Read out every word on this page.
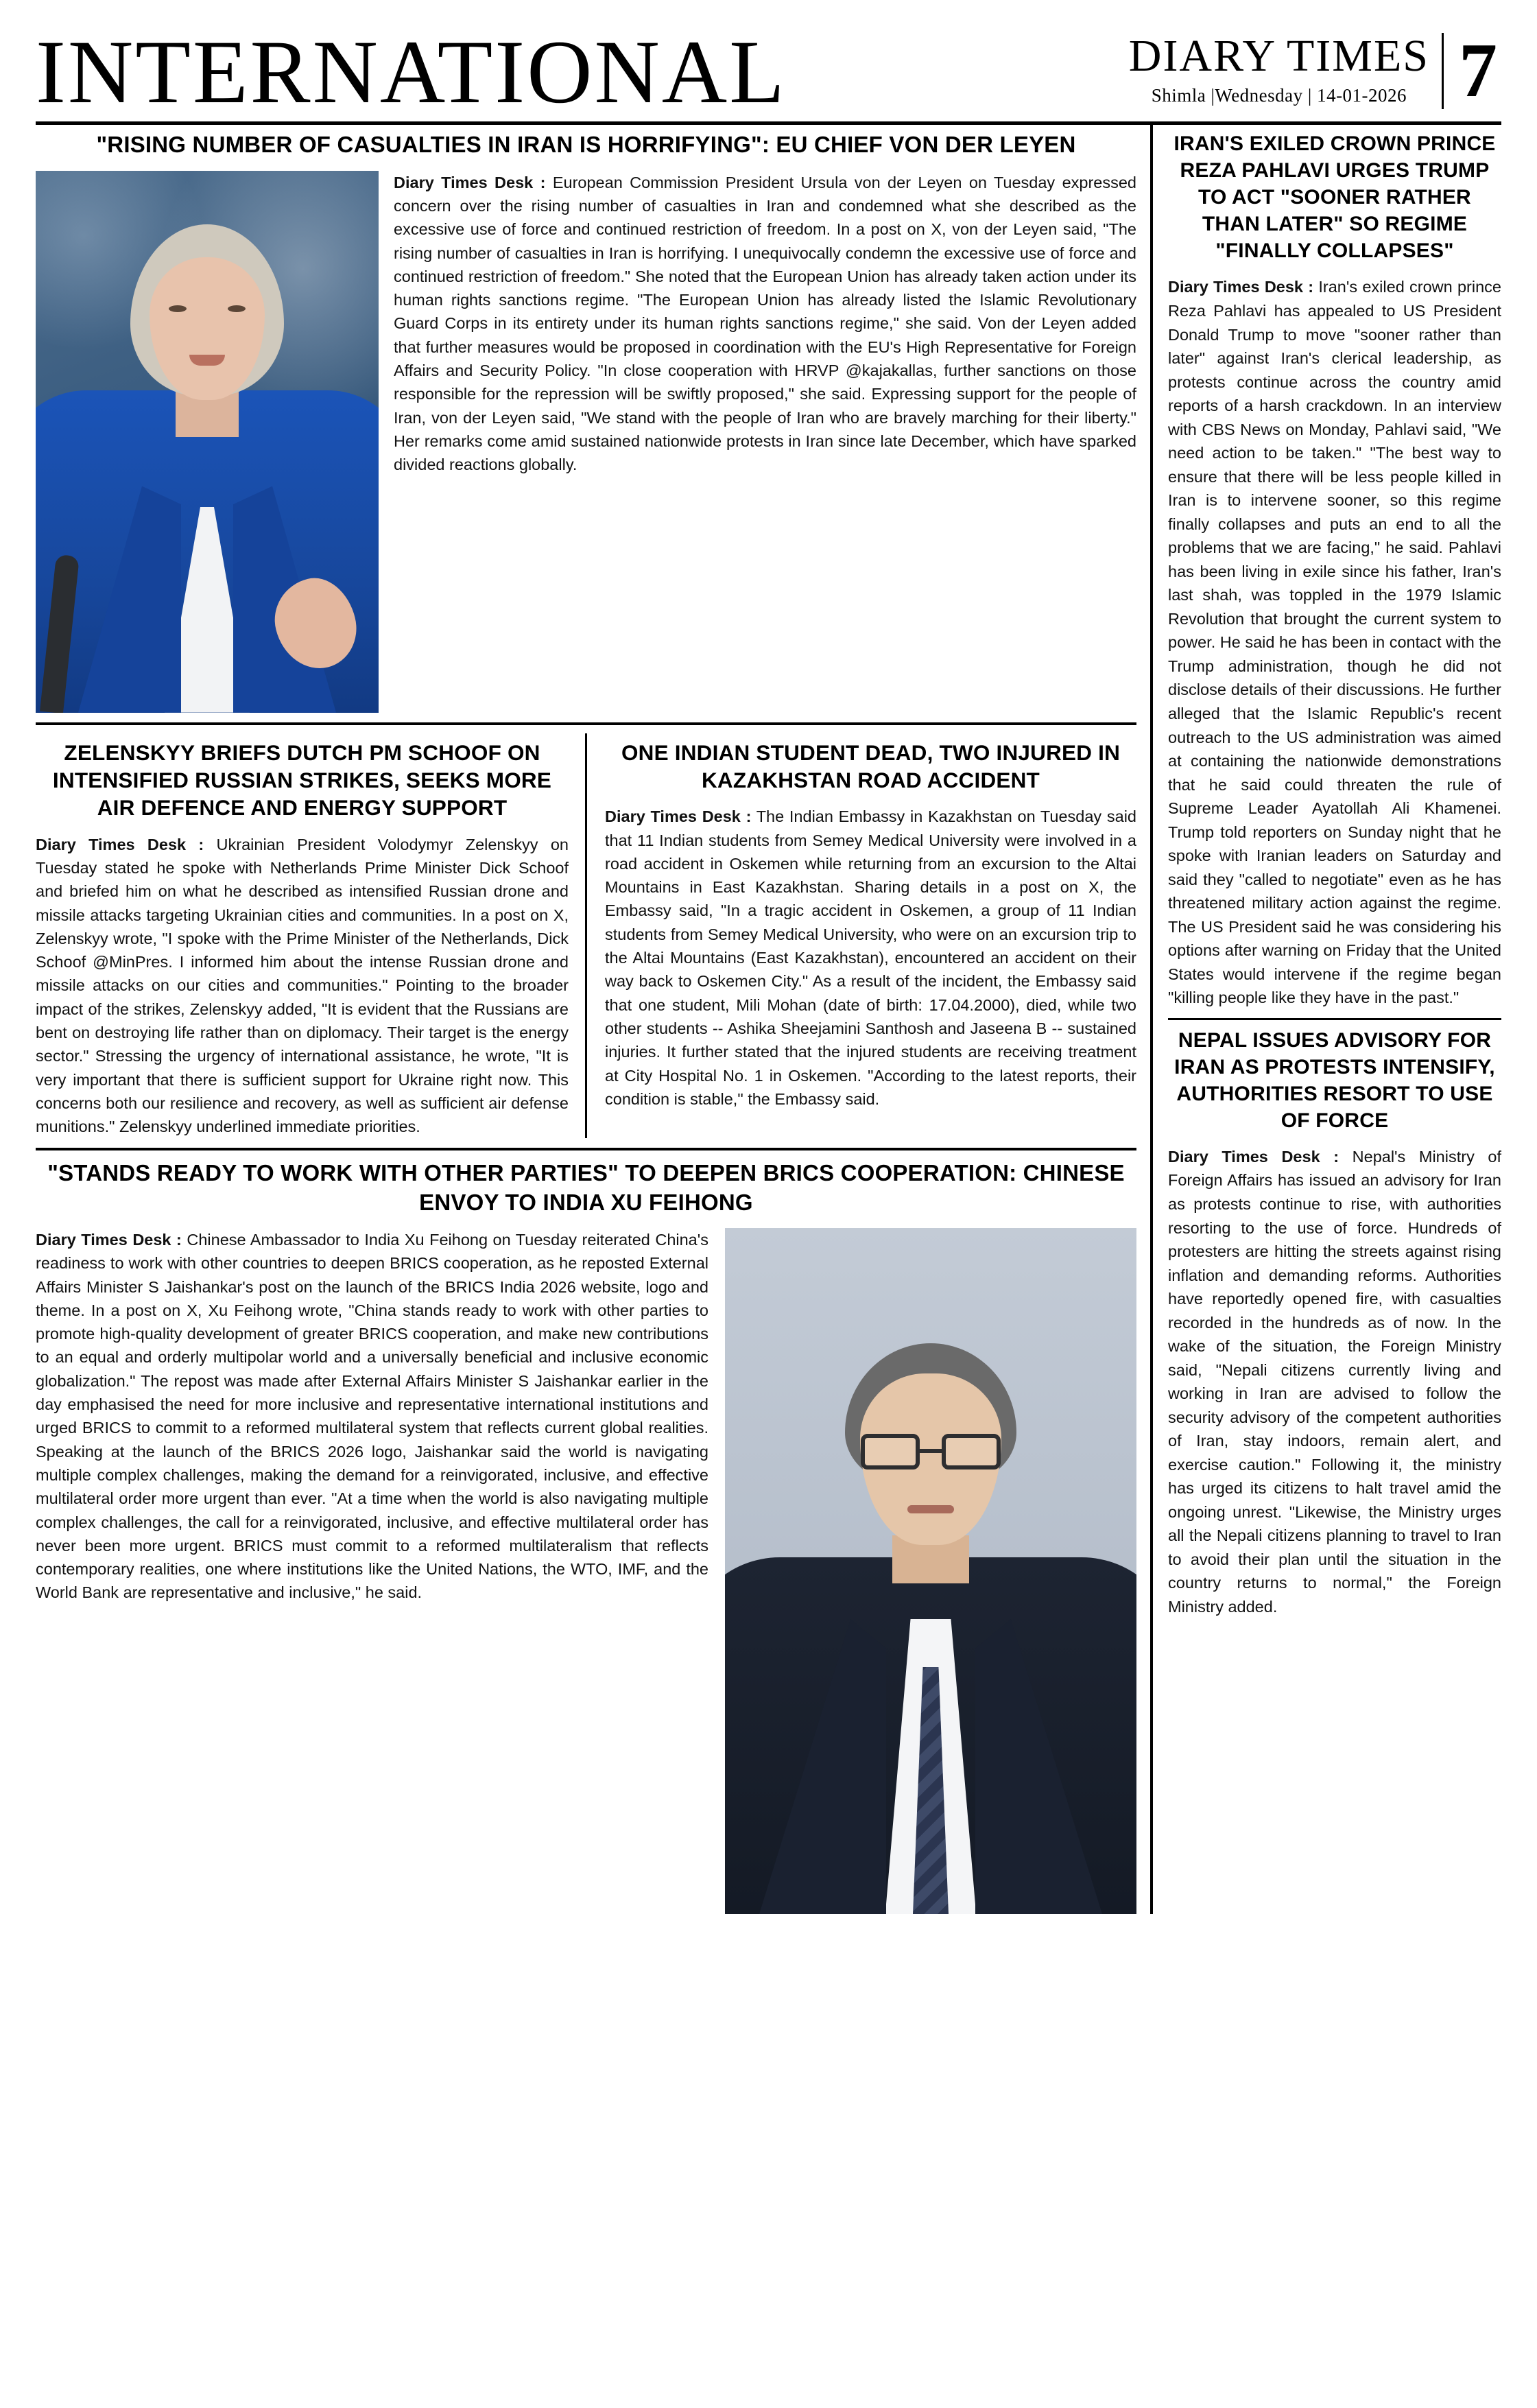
INTERNATIONAL	DIARY TIMES
Shimla |Wednesday | 14-01-2026 7
"RISING NUMBER OF CASUALTIES IN IRAN IS HORRIFYING": EU CHIEF VON DER LEYEN
Diary Times Desk : European Commission President Ursula von der Leyen on Tuesday expressed concern over the rising number of casualties in Iran and condemned what she described as the excessive use of force and continued restriction of freedom. In a post on X, von der Leyen said, "The rising number of casualties in Iran is horrifying. I unequivocally condemn the excessive use of force and continued restriction of freedom." She noted that the European Union has already taken action under its human rights sanctions regime. "The European Union has already listed the Islamic Revolutionary Guard Corps in its entirety under its human rights sanctions regime," she said. Von der Leyen added that further measures would be proposed in coordination with the EU's High Representative for Foreign Affairs and Security Policy. "In close cooperation with HRVP @kajakallas, further sanctions on those responsible for the repression will be swiftly proposed," she said. Expressing support for the people of Iran, von der Leyen said, "We stand with the people of Iran who are bravely marching for their liberty." Her remarks come amid sustained nationwide protests in Iran since late December, which have sparked divided reactions globally.
ZELENSKYY BRIEFS DUTCH PM SCHOOF ON INTENSIFIED RUSSIAN STRIKES, SEEKS MORE AIR DEFENCE AND ENERGY SUPPORT
Diary Times Desk : Ukrainian President Volodymyr Zelenskyy on Tuesday stated he spoke with Netherlands Prime Minister Dick Schoof and briefed him on what he described as intensified Russian drone and missile attacks targeting Ukrainian cities and communities. In a post on X, Zelenskyy wrote, "I spoke with the Prime Minister of the Netherlands, Dick Schoof @MinPres. I informed him about the intense Russian drone and missile attacks on our cities and communities." Pointing to the broader impact of the strikes, Zelenskyy added, "It is evident that the Russians are bent on destroying life rather than on diplomacy. Their target is the energy sector." Stressing the urgency of international assistance, he wrote, "It is very important that there is sufficient support for Ukraine right now. This concerns both our resilience and recovery, as well as sufficient air defense munitions." Zelenskyy underlined immediate priorities.
ONE INDIAN STUDENT DEAD, TWO INJURED IN KAZAKHSTAN ROAD ACCIDENT
Diary Times Desk : The Indian Embassy in Kazakhstan on Tuesday said that 11 Indian students from Semey Medical University were involved in a road accident in Oskemen while returning from an excursion to the Altai Mountains in East Kazakhstan. Sharing details in a post on X, the Embassy said, "In a tragic accident in Oskemen, a group of 11 Indian students from Semey Medical University, who were on an excursion trip to the Altai Mountains (East Kazakhstan), encountered an accident on their way back to Oskemen City." As a result of the incident, the Embassy said that one student, Mili Mohan (date of birth: 17.04.2000), died, while two other students -- Ashika Sheejamini Santhosh and Jaseena B -- sustained injuries. It further stated that the injured students are receiving treatment at City Hospital No. 1 in Oskemen. "According to the latest reports, their condition is stable," the Embassy said.
"STANDS READY TO WORK WITH OTHER PARTIES" TO DEEPEN BRICS COOPERATION: CHINESE ENVOY TO INDIA XU FEIHONG
Diary Times Desk : Chinese Ambassador to India Xu Feihong on Tuesday reiterated China's readiness to work with other countries to deepen BRICS cooperation, as he reposted External Affairs Minister S Jaishankar's post on the launch of the BRICS India 2026 website, logo and theme. In a post on X, Xu Feihong wrote, "China stands ready to work with other parties to promote high-quality development of greater BRICS cooperation, and make new contributions to an equal and orderly multipolar world and a universally beneficial and inclusive economic globalization." The repost was made after External Affairs Minister S Jaishankar earlier in the day emphasised the need for more inclusive and representative international institutions and urged BRICS to commit to a reformed multilateral system that reflects current global realities. Speaking at the launch of the BRICS 2026 logo, Jaishankar said the world is navigating multiple complex challenges, making the demand for a reinvigorated, inclusive, and effective multilateral order more urgent than ever. "At a time when the world is also navigating multiple complex challenges, the call for a reinvigorated, inclusive, and effective multilateral order has never been more urgent. BRICS must commit to a reformed multilateralism that reflects contemporary realities, one where institutions like the United Nations, the WTO, IMF, and the World Bank are representative and inclusive," he said.
IRAN'S EXILED CROWN PRINCE REZA PAHLAVI URGES TRUMP TO ACT "SOONER RATHER THAN LATER" SO REGIME "FINALLY COLLAPSES"
Diary Times Desk : Iran's exiled crown prince Reza Pahlavi has appealed to US President Donald Trump to move "sooner rather than later" against Iran's clerical leadership, as protests continue across the country amid reports of a harsh crackdown. In an interview with CBS News on Monday, Pahlavi said, "We need action to be taken." "The best way to ensure that there will be less people killed in Iran is to intervene sooner, so this regime finally collapses and puts an end to all the problems that we are facing," he said. Pahlavi has been living in exile since his father, Iran's last shah, was toppled in the 1979 Islamic Revolution that brought the current system to power. He said he has been in contact with the Trump administration, though he did not disclose details of their discussions. He further alleged that the Islamic Republic's recent outreach to the US administration was aimed at containing the nationwide demonstrations that he said could threaten the rule of Supreme Leader Ayatollah Ali Khamenei. Trump told reporters on Sunday night that he spoke with Iranian leaders on Saturday and said they "called to negotiate" even as he has threatened military action against the regime. The US President said he was considering his options after warning on Friday that the United States would intervene if the regime began "killing people like they have in the past."
NEPAL ISSUES ADVISORY FOR IRAN AS PROTESTS INTENSIFY, AUTHORITIES RESORT TO USE OF FORCE
Diary Times Desk : Nepal's Ministry of Foreign Affairs has issued an advisory for Iran as protests continue to rise, with authorities resorting to the use of force. Hundreds of protesters are hitting the streets against rising inflation and demanding reforms. Authorities have reportedly opened fire, with casualties recorded in the hundreds as of now. In the wake of the situation, the Foreign Ministry said, "Nepali citizens currently living and working in Iran are advised to follow the security advisory of the competent authorities of Iran, stay indoors, remain alert, and exercise caution." Following it, the ministry has urged its citizens to halt travel amid the ongoing unrest. "Likewise, the Ministry urges all the Nepali citizens planning to travel to Iran to avoid their plan until the situation in the country returns to normal," the Foreign Ministry added.
